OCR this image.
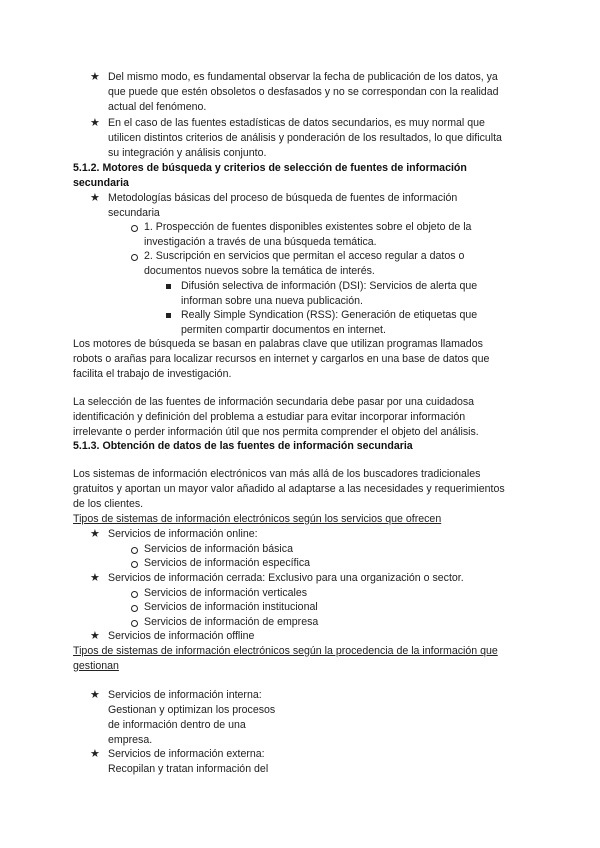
★ Del mismo modo, es fundamental observar la fecha de publicación de los datos, ya
que puede que estén obsoletos o desfasados y no se correspondan con la realidad
actual del fenómeno.
★ En el caso de las fuentes estadísticas de datos secundarios, es muy normal que
utilicen distintos criterios de análisis y ponderación de los resultados, lo que dificulta
su integración y análisis conjunto.
5.1.2. Motores de búsqueda y criterios de selección de fuentes de información
secundaria
★ Metodologías básicas del proceso de búsqueda de fuentes de información
secundaria
1. Prospección de fuentes disponibles existentes sobre el objeto de la
investigación a través de una búsqueda temática.
2. Suscripción en servicios que permitan el acceso regular a datos o
documentos nuevos sobre la temática de interés.
Difusión selectiva de información (DSI): Servicios de alerta que
informan sobre una nueva publicación.
Really Simple Syndication (RSS): Generación de etiquetas que
permiten compartir documentos en internet.
Los motores de búsqueda se basan en palabras clave que utilizan programas llamados
robots o arañas para localizar recursos en internet y cargarlos en una base de datos que
facilita el trabajo de investigación.
La selección de las fuentes de información secundaria debe pasar por una cuidadosa
identificación y definición del problema a estudiar para evitar incorporar información
irrelevante o perder información útil que nos permita comprender el objeto del análisis.
5.1.3. Obtención de datos de las fuentes de información secundaria
Los sistemas de información electrónicos van más allá de los buscadores tradicionales
gratuitos y aportan un mayor valor añadido al adaptarse a las necesidades y requerimientos
de los clientes.
Tipos de sistemas de información electrónicos según los servicios que ofrecen
★ Servicios de información online:
Servicios de información básica
Servicios de información específica
★ Servicios de información cerrada: Exclusivo para una organización o sector.
Servicios de información verticales
Servicios de información institucional
Servicios de información de empresa
★ Servicios de información offline
Tipos de sistemas de información electrónicos según la procedencia de la información que
gestionan
★ Servicios de información interna:
Gestionan y optimizan los procesos
de información dentro de una
empresa.
★ Servicios de información externa:
Recopilan y tratan información del
